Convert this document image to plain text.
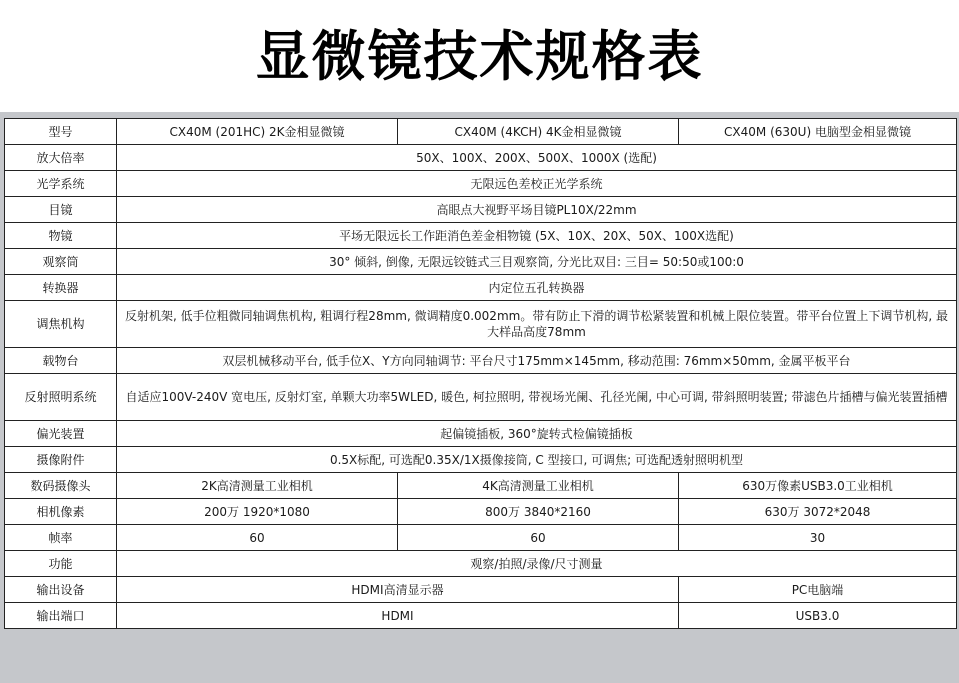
显微镜技术规格表
型号	CX40M (201HC) 2K金相显微镜	CX40M (4KCH) 4K金相显微镜	CX40M (630U) 电脑型金相显微镜
放大倍率	50X、100X、200X、500X、1000X (选配)		
光学系统	无限远色差校正光学系统		
目镜	高眼点大视野平场目镜PL10X/22mm		
物镜	平场无限远长工作距消色差金相物镜 (5X、10X、20X、50X、100X选配)		
观察筒	30° 倾斜, 倒像, 无限远铰链式三目观察筒, 分光比双目: 三目= 50:50或100:0		
转换器	内定位五孔转换器		
调焦机构	反射机架, 低手位粗微同轴调焦机构, 粗调行程28mm, 微调精度0.002mm。带有防止下滑的调节松紧装置和机械上限位装置。带平台位置上下调节机构, 最大样品高度78mm		
载物台	双层机械移动平台, 低手位X、Y方向同轴调节: 平台尺寸175mm×145mm, 移动范围: 76mm×50mm, 金属平板平台		
反射照明系统	自适应100V-240V 宽电压, 反射灯室, 单颗大功率5WLED, 暖色, 柯拉照明, 带视场光阑、孔径光阑, 中心可调, 带斜照明装置; 带滤色片插槽与偏光装置插槽		
偏光装置	起偏镜插板, 360°旋转式检偏镜插板		
摄像附件	0.5X标配, 可选配0.35X/1X摄像接筒, C 型接口, 可调焦; 可选配透射照明机型		
数码摄像头	2K高清测量工业相机	4K高清测量工业相机	630万像素USB3.0工业相机
相机像素	200万 1920*1080	800万 3840*2160	630万 3072*2048
帧率	60	60	30
功能	观察/拍照/录像/尺寸测量		
输出设备	HDMI高清显示器		PC电脑端
输出端口	HDMI		USB3.0
